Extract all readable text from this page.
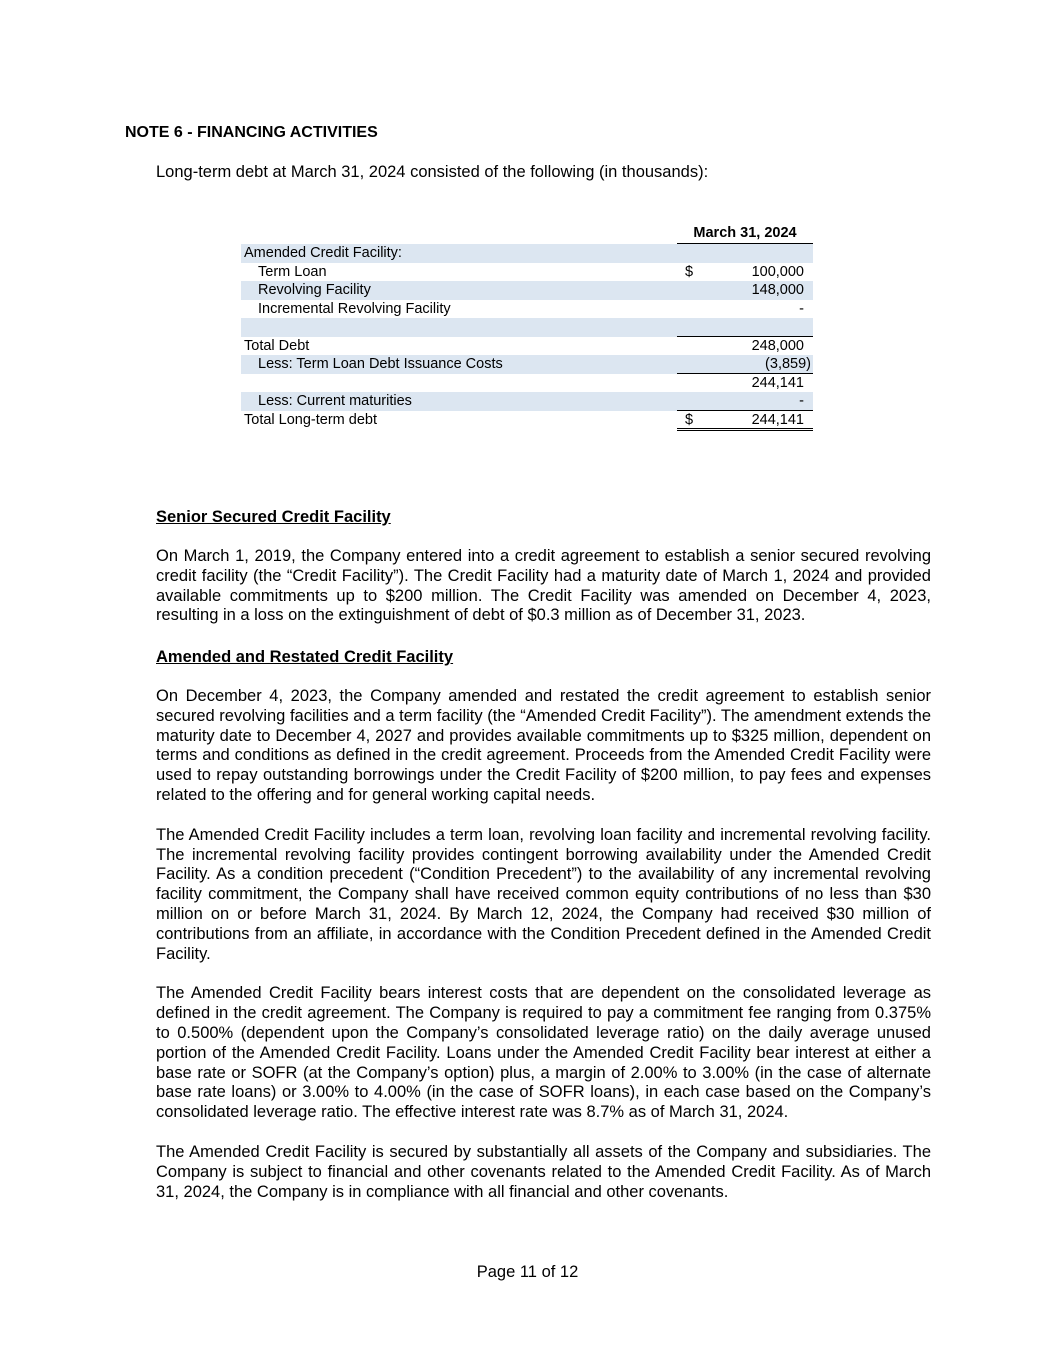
NOTE 6 - FINANCING ACTIVITIES

Long-term debt at March 31, 2024 consisted of the following (in thousands):

March 31, 2024
Amended Credit Facility:
Term Loan	$	100,000
Revolving Facility	148,000
Incremental Revolving Facility	-
Total Debt	248,000
Less: Term Loan Debt Issuance Costs	(3,859)
244,141
Less: Current maturities	-
Total Long-term debt	$	244,141

Senior Secured Credit Facility

On March 1, 2019, the Company entered into a credit agreement to establish a senior secured revolving credit facility (the “Credit Facility”). The Credit Facility had a maturity date of March 1, 2024 and provided available commitments up to $200 million. The Credit Facility was amended on December 4, 2023, resulting in a loss on the extinguishment of debt of $0.3 million as of December 31, 2023.

Amended and Restated Credit Facility

On December 4, 2023, the Company amended and restated the credit agreement to establish senior secured revolving facilities and a term facility (the “Amended Credit Facility”). The amendment extends the maturity date to December 4, 2027 and provides available commitments up to $325 million, dependent on terms and conditions as defined in the credit agreement. Proceeds from the Amended Credit Facility were used to repay outstanding borrowings under the Credit Facility of $200 million, to pay fees and expenses related to the offering and for general working capital needs.

The Amended Credit Facility includes a term loan, revolving loan facility and incremental revolving facility. The incremental revolving facility provides contingent borrowing availability under the Amended Credit Facility. As a condition precedent (“Condition Precedent”) to the availability of any incremental revolving facility commitment, the Company shall have received common equity contributions of no less than $30 million on or before March 31, 2024. By March 12, 2024, the Company had received $30 million of contributions from an affiliate, in accordance with the Condition Precedent defined in the Amended Credit Facility.

The Amended Credit Facility bears interest costs that are dependent on the consolidated leverage as defined in the credit agreement. The Company is required to pay a commitment fee ranging from 0.375% to 0.500% (dependent upon the Company’s consolidated leverage ratio) on the daily average unused portion of the Amended Credit Facility. Loans under the Amended Credit Facility bear interest at either a base rate or SOFR (at the Company’s option) plus, a margin of 2.00% to 3.00% (in the case of alternate base rate loans) or 3.00% to 4.00% (in the case of SOFR loans), in each case based on the Company’s consolidated leverage ratio. The effective interest rate was 8.7% as of March 31, 2024.

The Amended Credit Facility is secured by substantially all assets of the Company and subsidiaries. The Company is subject to financial and other covenants related to the Amended Credit Facility. As of March 31, 2024, the Company is in compliance with all financial and other covenants.

Page 11 of 12
